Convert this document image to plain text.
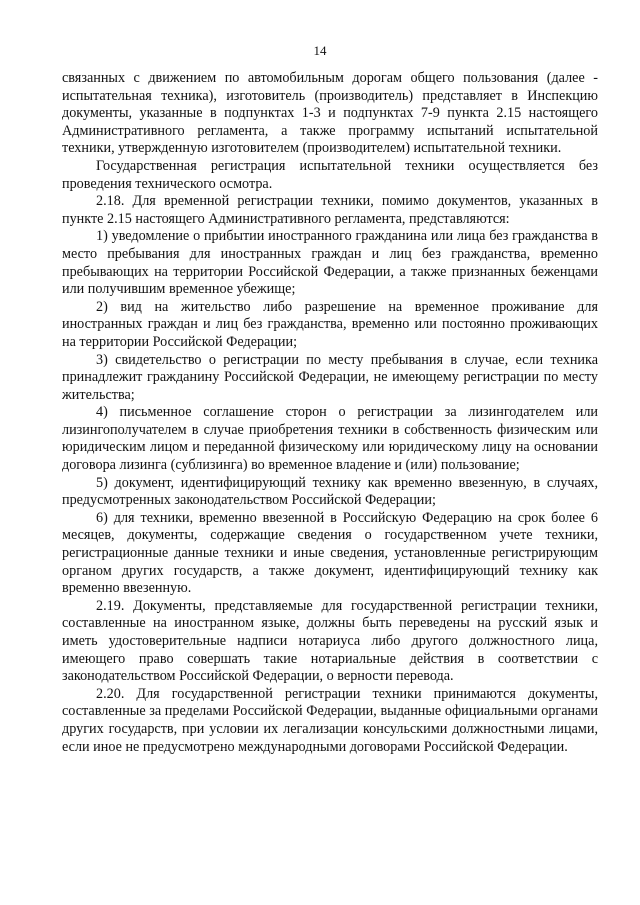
14

связанных с движением по автомобильным дорогам общего пользования (далее - испытательная техника), изготовитель (производитель) представляет в Инспекцию документы, указанные в подпунктах 1-3 и подпунктах 7-9 пункта 2.15 настоящего Административного регламента, а также программу испытаний испытательной техники, утвержденную изготовителем (производителем) испытательной техники.

Государственная регистрация испытательной техники осуществляется без проведения технического осмотра.

2.18. Для временной регистрации техники, помимо документов, указанных в пункте 2.15 настоящего Административного регламента, представляются:

1) уведомление о прибытии иностранного гражданина или лица без гражданства в место пребывания для иностранных граждан и лиц без гражданства, временно пребывающих на территории Российской Федерации, а также признанных беженцами или получившим временное убежище;

2) вид на жительство либо разрешение на временное проживание для иностранных граждан и лиц без гражданства, временно или постоянно проживающих на территории Российской Федерации;

3) свидетельство о регистрации по месту пребывания в случае, если техника принадлежит гражданину Российской Федерации, не имеющему регистрации по месту жительства;

4) письменное соглашение сторон о регистрации за лизингодателем или лизингополучателем в случае приобретения техники в собственность физическим или юридическим лицом и переданной физическому или юридическому лицу на основании договора лизинга (сублизинга) во временное владение и (или) пользование;

5) документ, идентифицирующий технику как временно ввезенную, в случаях, предусмотренных законодательством Российской Федерации;

6) для техники, временно ввезенной в Российскую Федерацию на срок более 6 месяцев, документы, содержащие сведения о государственном учете техники, регистрационные данные техники и иные сведения, установленные регистрирующим органом других государств, а также документ, идентифицирующий технику как временно ввезенную.

2.19. Документы, представляемые для государственной регистрации техники, составленные на иностранном языке, должны быть переведены на русский язык и иметь удостоверительные надписи нотариуса либо другого должностного лица, имеющего право совершать такие нотариальные действия в соответствии с законодательством Российской Федерации, о верности перевода.

2.20. Для государственной регистрации техники принимаются документы, составленные за пределами Российской Федерации, выданные официальными органами других государств, при условии их легализации консульскими должностными лицами, если иное не предусмотрено международными договорами Российской Федерации.
